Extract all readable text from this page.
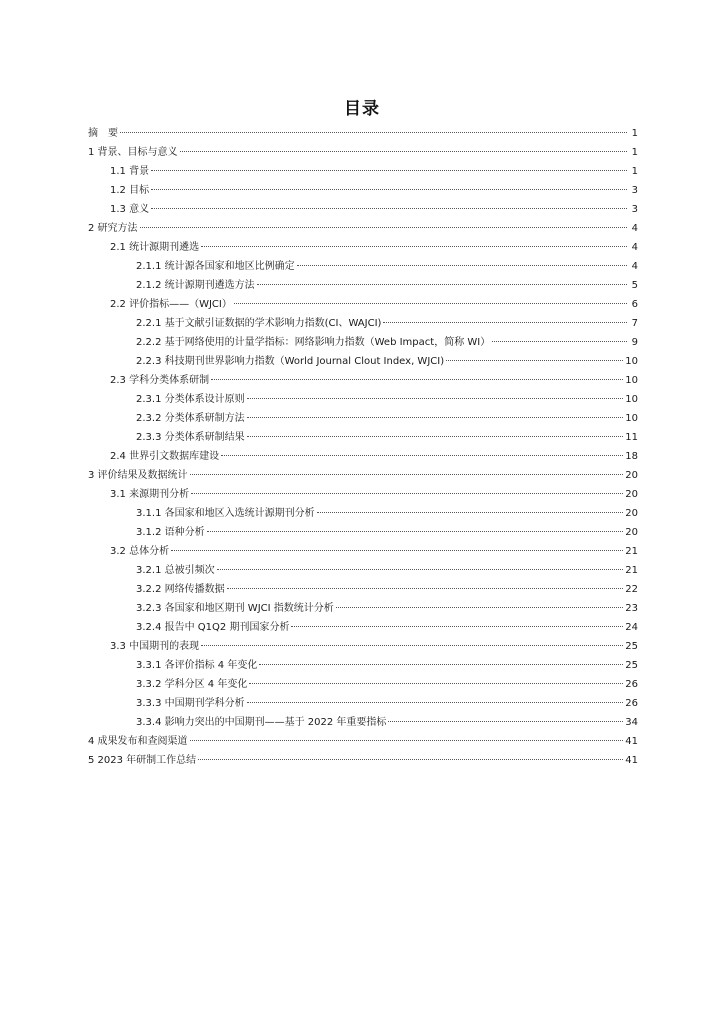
目录
摘　要	1
1 背景、目标与意义	1
1.1 背景	1
1.2 目标	3
1.3 意义	3
2 研究方法	4
2.1 统计源期刊遴选	4
2.1.1 统计源各国家和地区比例确定	4
2.1.2 统计源期刊遴选方法	5
2.2 评价指标——（WJCI）	6
2.2.1 基于文献引证数据的学术影响力指数(CI、WAJCI)	7
2.2.2 基于网络使用的计量学指标：网络影响力指数（Web Impact，简称 WI）	9
2.2.3 科技期刊世界影响力指数（World Journal Clout Index, WJCI)	10
2.3 学科分类体系研制	10
2.3.1 分类体系设计原则	10
2.3.2 分类体系研制方法	10
2.3.3 分类体系研制结果	11
2.4 世界引文数据库建设	18
3 评价结果及数据统计	20
3.1 来源期刊分析	20
3.1.1 各国家和地区入选统计源期刊分析	20
3.1.2 语种分析	20
3.2 总体分析	21
3.2.1 总被引频次	21
3.2.2 网络传播数据	22
3.2.3 各国家和地区期刊 WJCI 指数统计分析	23
3.2.4 报告中 Q1Q2 期刊国家分析	24
3.3 中国期刊的表现	25
3.3.1 各评价指标 4 年变化	25
3.3.2 学科分区 4 年变化	26
3.3.3 中国期刊学科分析	26
3.3.4 影响力突出的中国期刊——基于 2022 年重要指标	34
4 成果发布和查阅渠道	41
5 2023 年研制工作总结	41
